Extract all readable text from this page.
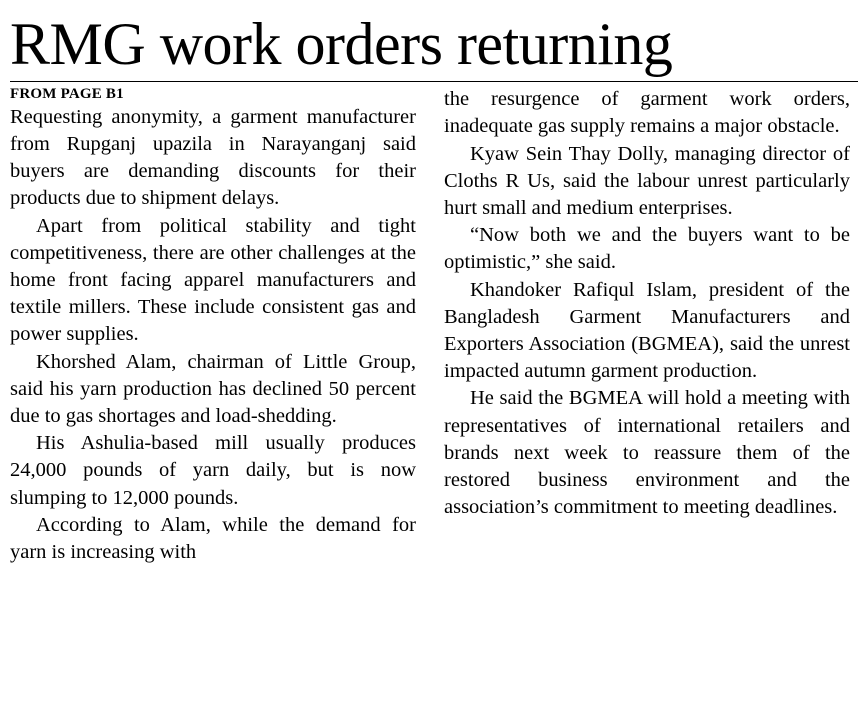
RMG work orders returning
FROM PAGE B1

Requesting anonymity, a garment manufacturer from Rupganj upazila in Narayanganj said buyers are demanding discounts for their products due to shipment delays.

Apart from political stability and tight competitiveness, there are other challenges at the home front facing apparel manufacturers and textile millers. These include consistent gas and power supplies.

Khorshed Alam, chairman of Little Group, said his yarn production has declined 50 percent due to gas shortages and load-shedding.

His Ashulia-based mill usually produces 24,000 pounds of yarn daily, but is now slumping to 12,000 pounds.

According to Alam, while the demand for yarn is increasing with

the resurgence of garment work orders, inadequate gas supply remains a major obstacle.

Kyaw Sein Thay Dolly, managing director of Cloths R Us, said the labour unrest particularly hurt small and medium enterprises.

“Now both we and the buyers want to be optimistic,” she said.

Khandoker Rafiqul Islam, president of the Bangladesh Garment Manufacturers and Exporters Association (BGMEA), said the unrest impacted autumn garment production.

He said the BGMEA will hold a meeting with representatives of international retailers and brands next week to reassure them of the restored business environment and the association’s commitment to meeting deadlines.
